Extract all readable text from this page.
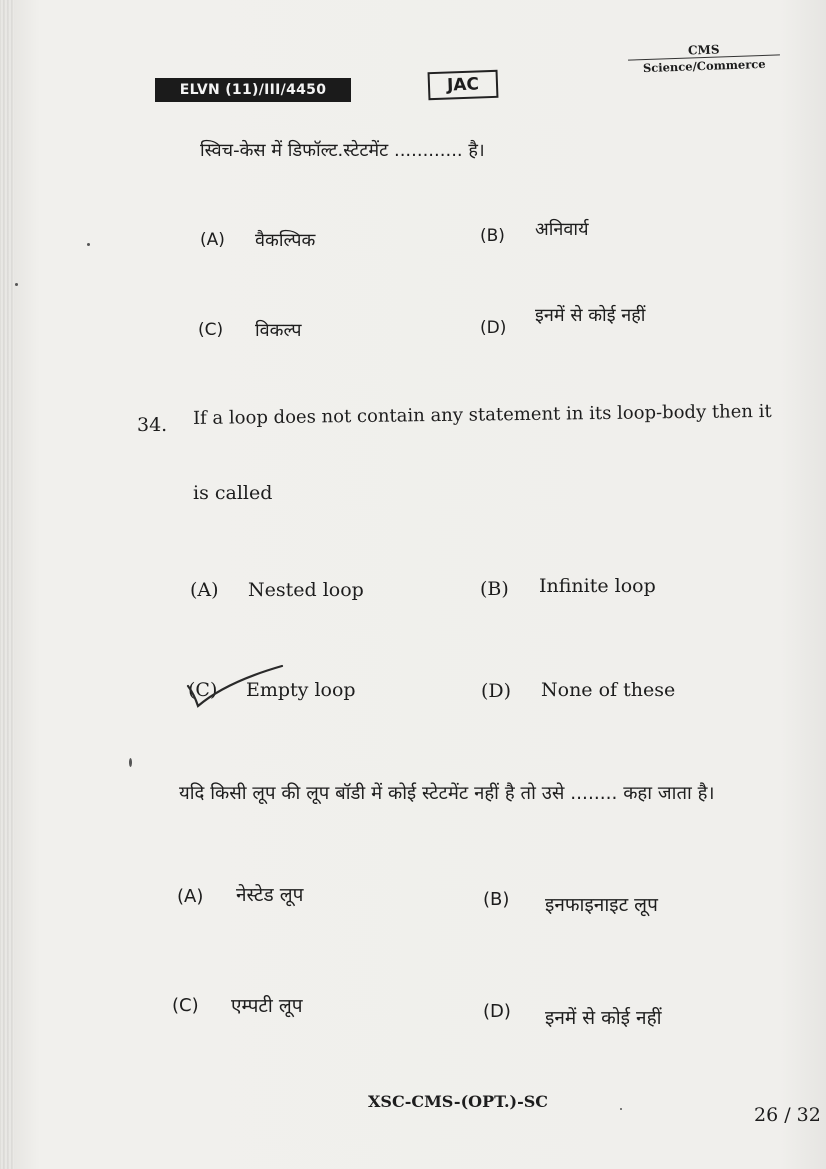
ELVN (11)/III/4450	JAC
CMS
Science/Commerce
स्विच-केस में डिफॉल्ट.स्टेटमेंट ............ है।
(A) वैकल्पिक	(B) अनिवार्य
(C) विकल्प	(D)
इनमें से कोई नहीं
34. If a loop does not contain any statement in its loop-body then it
is called
(A) Nested loop	(B) Infinite loop
(C) Empty loop	(D) None of these
यदि किसी लूप की लूप बॉडी में कोई स्टेटमेंट नहीं है तो उसे ........ कहा जाता है।
(A) नेस्टेड लूप	(B) इनफाइनाइट लूप
(C) एम्पटी लूप	(D) इनमें से कोई नहीं
XSC-CMS-(OPT.)-SC
26 / 32
